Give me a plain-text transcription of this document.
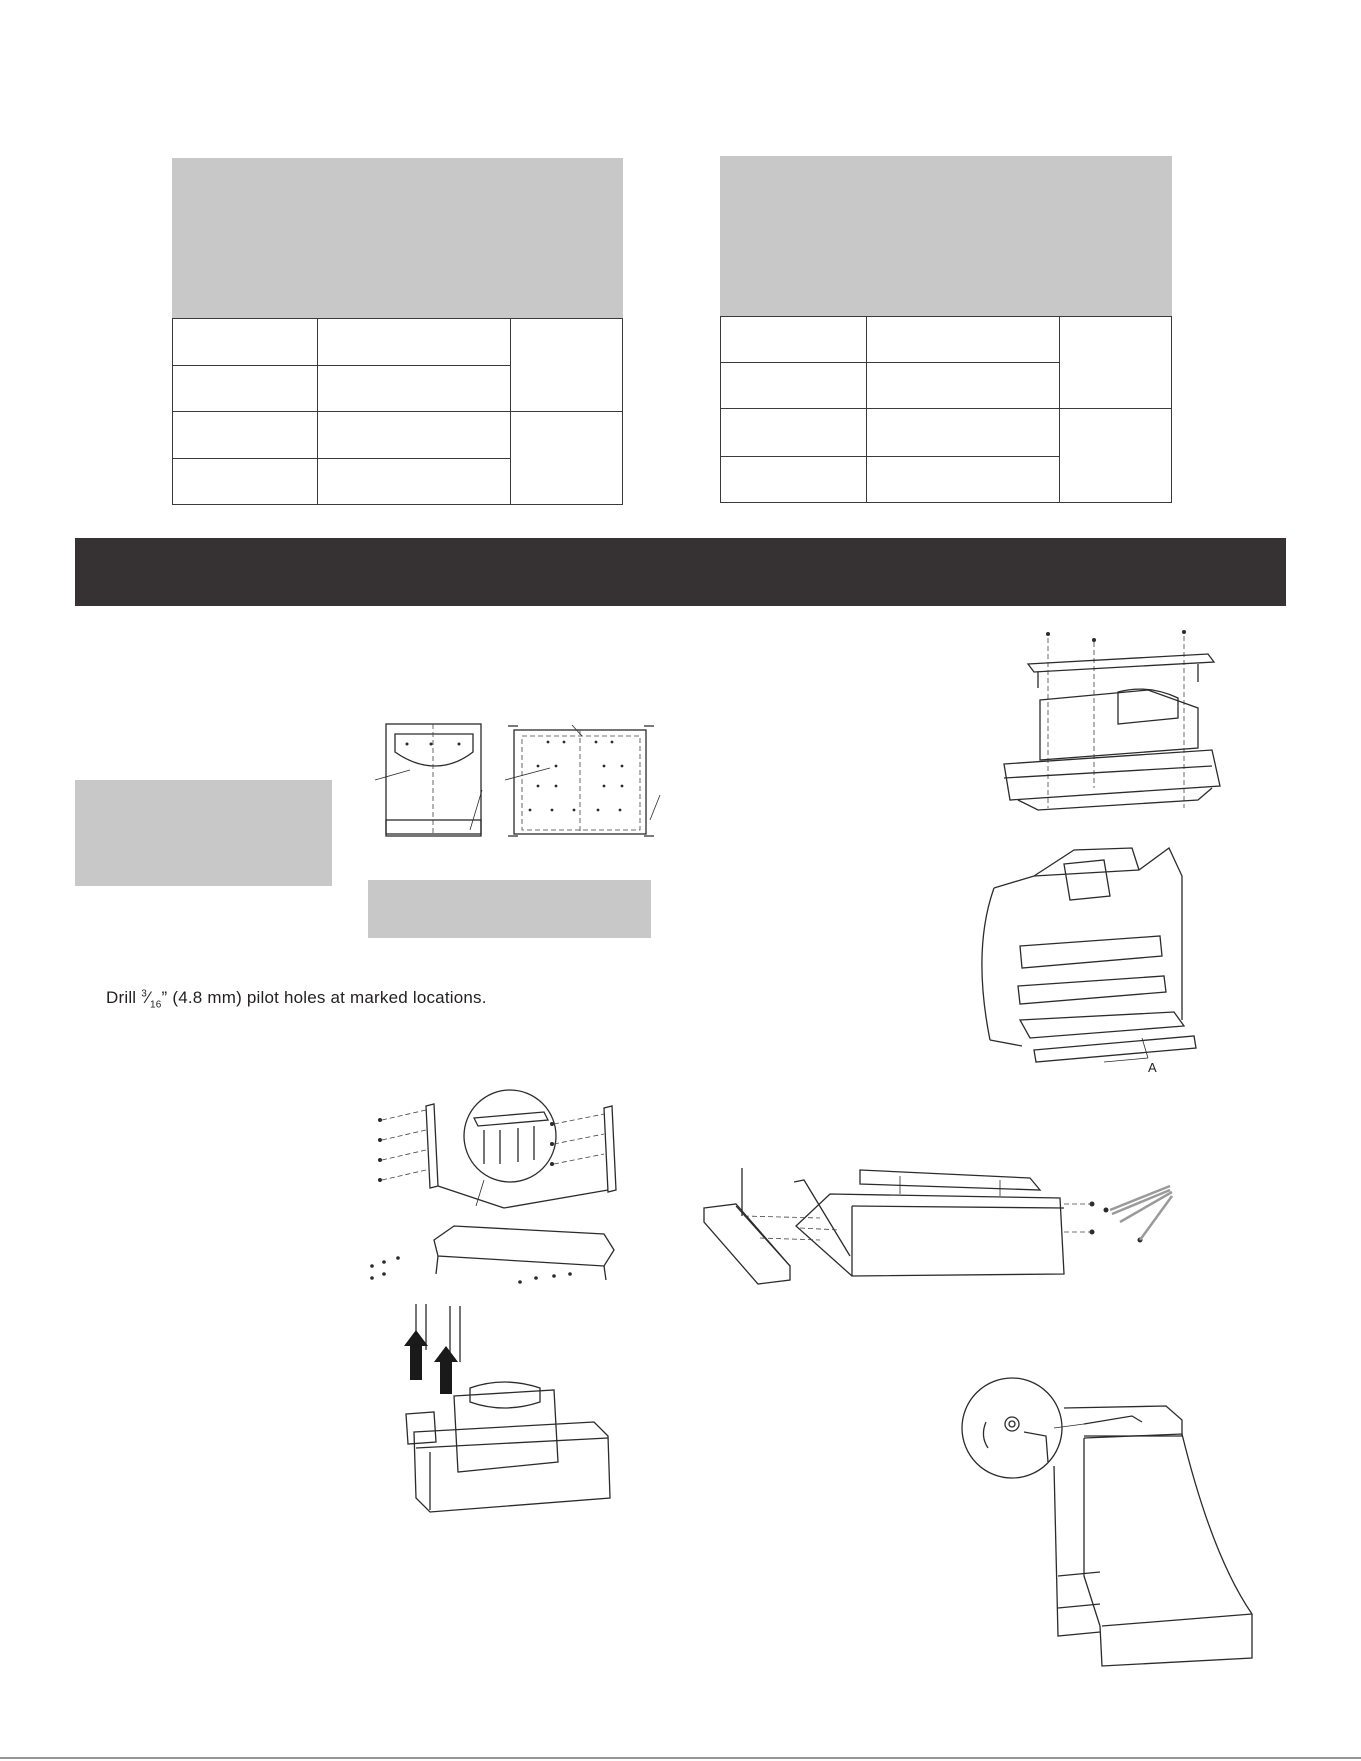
Drill $^3⁄_{16}$” (4.8 mm) pilot holes at marked locations.
A
